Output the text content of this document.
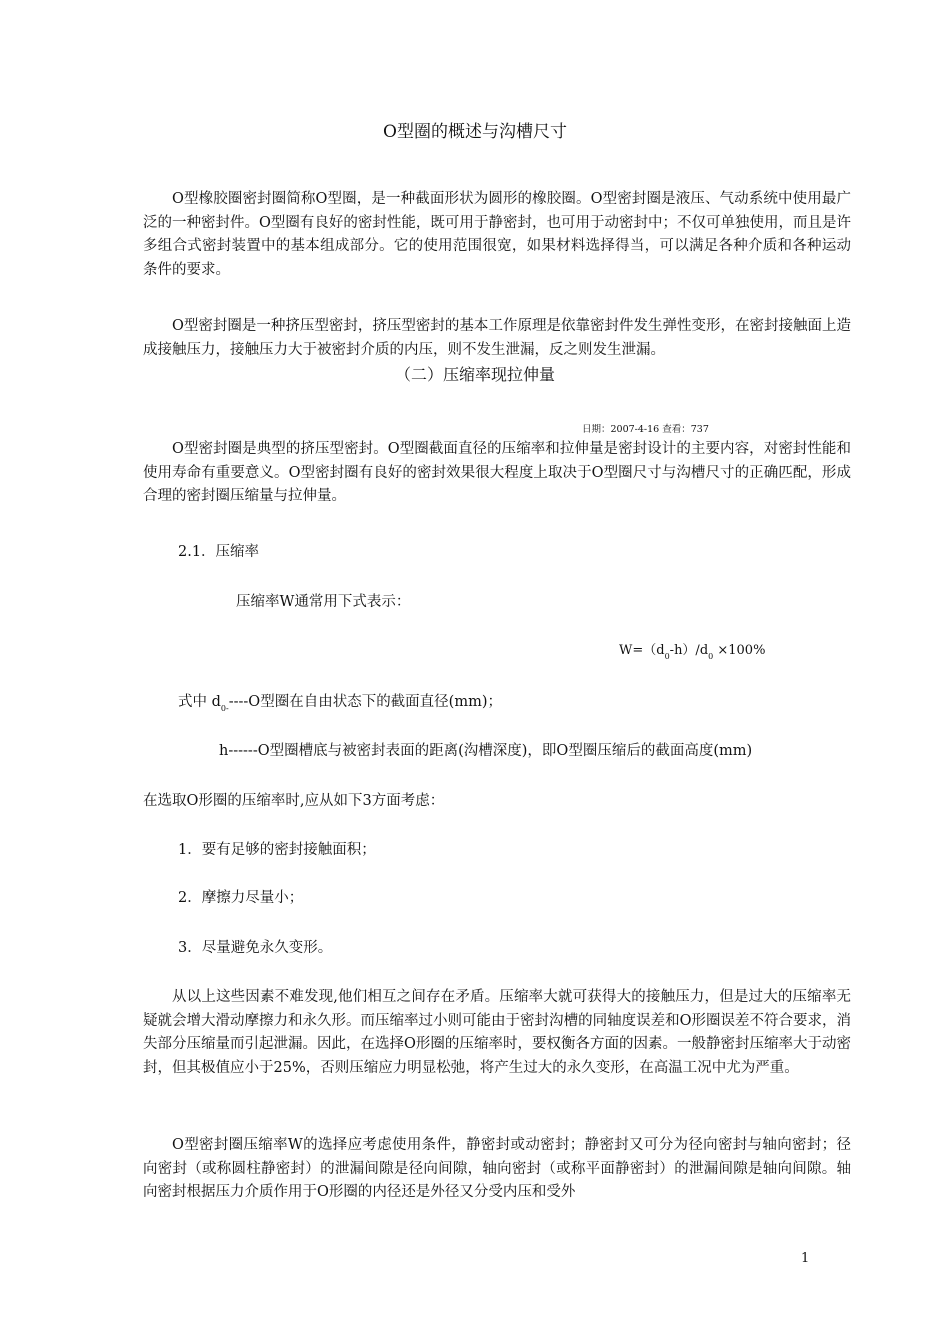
O型圈的概述与沟槽尺寸
O型橡胶圈密封圈简称O型圈，是一种截面形状为圆形的橡胶圈。O型密封圈是液压、气动系统中使用最广泛的一种密封件。O型圈有良好的密封性能，既可用于静密封，也可用于动密封中；不仅可单独使用，而且是许多组合式密封装置中的基本组成部分。它的使用范围很宽，如果材料选择得当，可以满足各种介质和各种运动条件的要求。
O型密封圈是一种挤压型密封，挤压型密封的基本工作原理是依靠密封件发生弹性变形，在密封接触面上造成接触压力，接触压力大于被密封介质的内压，则不发生泄漏，反之则发生泄漏。
（二）压缩率现拉伸量
日期：2007-4-16 查看：737
O型密封圈是典型的挤压型密封。O型圈截面直径的压缩率和拉伸量是密封设计的主要内容，对密封性能和使用寿命有重要意义。O型密封圈有良好的密封效果很大程度上取决于O型圈尺寸与沟槽尺寸的正确匹配，形成合理的密封圈压缩量与拉伸量。
2.1．压缩率
压缩率W通常用下式表示：
$W=(d_0-h)/d_0 \times 100\%$
式中 $d_{0-}----O$型圈在自由状态下的截面直径(mm)；
h------O型圈槽底与被密封表面的距离(沟槽深度)，即O型圈压缩后的截面高度(mm)
在选取O形圈的压缩率时,应从如下3方面考虑：
1．要有足够的密封接触面积；
2．摩擦力尽量小；
3．尽量避免永久变形。
从以上这些因素不难发现,他们相互之间存在矛盾。压缩率大就可获得大的接触压力，但是过大的压缩率无疑就会增大滑动摩擦力和永久形。而压缩率过小则可能由于密封沟槽的同轴度误差和O形圈误差不符合要求，消失部分压缩量而引起泄漏。因此，在选择O形圈的压缩率时，要权衡各方面的因素。一般静密封压缩率大于动密封，但其极值应小于25%，否则压缩应力明显松弛，将产生过大的永久变形，在高温工况中尤为严重。
O型密封圈压缩率W的选择应考虑使用条件，静密封或动密封；静密封又可分为径向密封与轴向密封；径向密封（或称圆柱静密封）的泄漏间隙是径向间隙，轴向密封（或称平面静密封）的泄漏间隙是轴向间隙。轴向密封根据压力介质作用于O形圈的内径还是外径又分受内压和受外
1
